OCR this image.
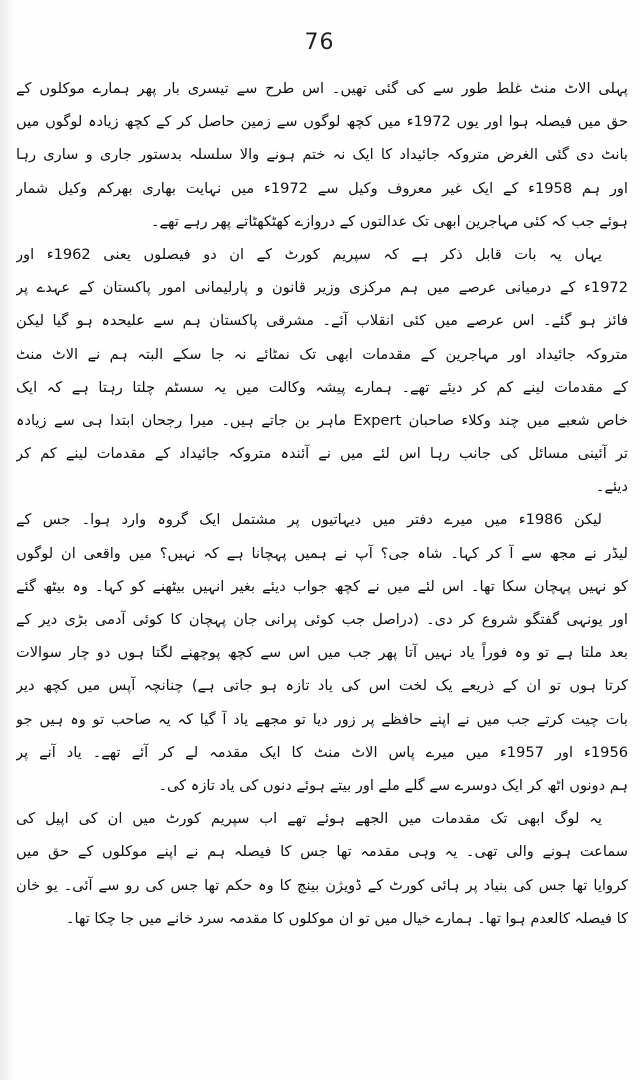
76
پہلی الاٹ منٹ غلط طور سے کی گئی تھیں۔ اس طرح سے تیسری بار پھر ہمارے موکلوں کے
حق میں فیصلہ ہوا اور یوں 1972ء میں کچھ لوگوں سے زمین حاصل کر کے کچھ زیادہ لوگوں میں
بانٹ دی گئی الغرض متروکہ جائیداد کا ایک نہ ختم ہونے والا سلسلہ بدستور جاری و ساری رہا
اور ہم 1958ء کے ایک غیر معروف وکیل سے 1972ء میں نہایت بھاری بھرکم وکیل شمار
ہوئے جب کہ کئی مہاجرین ابھی تک عدالتوں کے دروازے کھٹکھٹاتے پھر رہے تھے۔
یہاں یہ بات قابل ذکر ہے کہ سپریم کورٹ کے ان دو فیصلوں یعنی 1962ء اور
1972ء کے درمیانی عرصے میں ہم مرکزی وزیر قانون و پارلیمانی امور پاکستان کے عہدے پر
فائز ہو گئے۔ اس عرصے میں کئی انقلاب آئے۔ مشرقی پاکستان ہم سے علیحدہ ہو گیا لیکن
متروکہ جائیداد اور مہاجرین کے مقدمات ابھی تک نمٹائے نہ جا سکے البتہ ہم نے الاٹ منٹ
کے مقدمات لینے کم کر دیئے تھے۔ ہمارے پیشہ وکالت میں یہ سسٹم چلتا رہتا ہے کہ ایک
خاص شعبے میں چند وکلاء صاحبان Expert ماہر بن جاتے ہیں۔ میرا رجحان ابتدا ہی سے زیادہ
تر آئینی مسائل کی جانب رہا اس لئے میں نے آئندہ متروکہ جائیداد کے مقدمات لینے کم کر
دیئے۔
لیکن 1986ء میں میرے دفتر میں دیہاتیوں پر مشتمل ایک گروہ وارد ہوا۔ جس کے
لیڈر نے مجھ سے آ کر کہا۔ شاہ جی؟ آپ نے ہمیں پہچانا ہے کہ نہیں؟ میں واقعی ان لوگوں
کو نہیں پہچان سکا تھا۔ اس لئے میں نے کچھ جواب دیئے بغیر انہیں بیٹھنے کو کہا۔ وہ بیٹھ گئے
اور یونہی گفتگو شروع کر دی۔ (دراصل جب کوئی پرانی جان پہچان کا کوئی آدمی بڑی دیر کے
بعد ملتا ہے تو وہ فوراً یاد نہیں آتا پھر جب میں اس سے کچھ پوچھنے لگتا ہوں دو چار سوالات
کرتا ہوں تو ان کے ذریعے یک لخت اس کی یاد تازہ ہو جاتی ہے) چنانچہ آپس میں کچھ دیر
بات چیت کرتے جب میں نے اپنے حافظے پر زور دیا تو مجھے یاد آ گیا کہ یہ صاحب تو وہ ہیں جو
1956ء اور 1957ء میں میرے پاس الاٹ منٹ کا ایک مقدمہ لے کر آئے تھے۔ یاد آنے پر
ہم دونوں اٹھ کر ایک دوسرے سے گلے ملے اور بیتے ہوئے دنوں کی یاد تازہ کی۔
یہ لوگ ابھی تک مقدمات میں الجھے ہوئے تھے اب سپریم کورٹ میں ان کی اپیل کی
سماعت ہونے والی تھی۔ یہ وہی مقدمہ تھا جس کا فیصلہ ہم نے اپنے موکلوں کے حق میں
کروایا تھا جس کی بنیاد پر ہائی کورٹ کے ڈویژن بینچ کا وہ حکم تھا جس کی رو سے آئی۔ یو خان
کا فیصلہ کالعدم ہوا تھا۔ ہمارے خیال میں تو ان موکلوں کا مقدمہ سرد خانے میں جا چکا تھا۔
